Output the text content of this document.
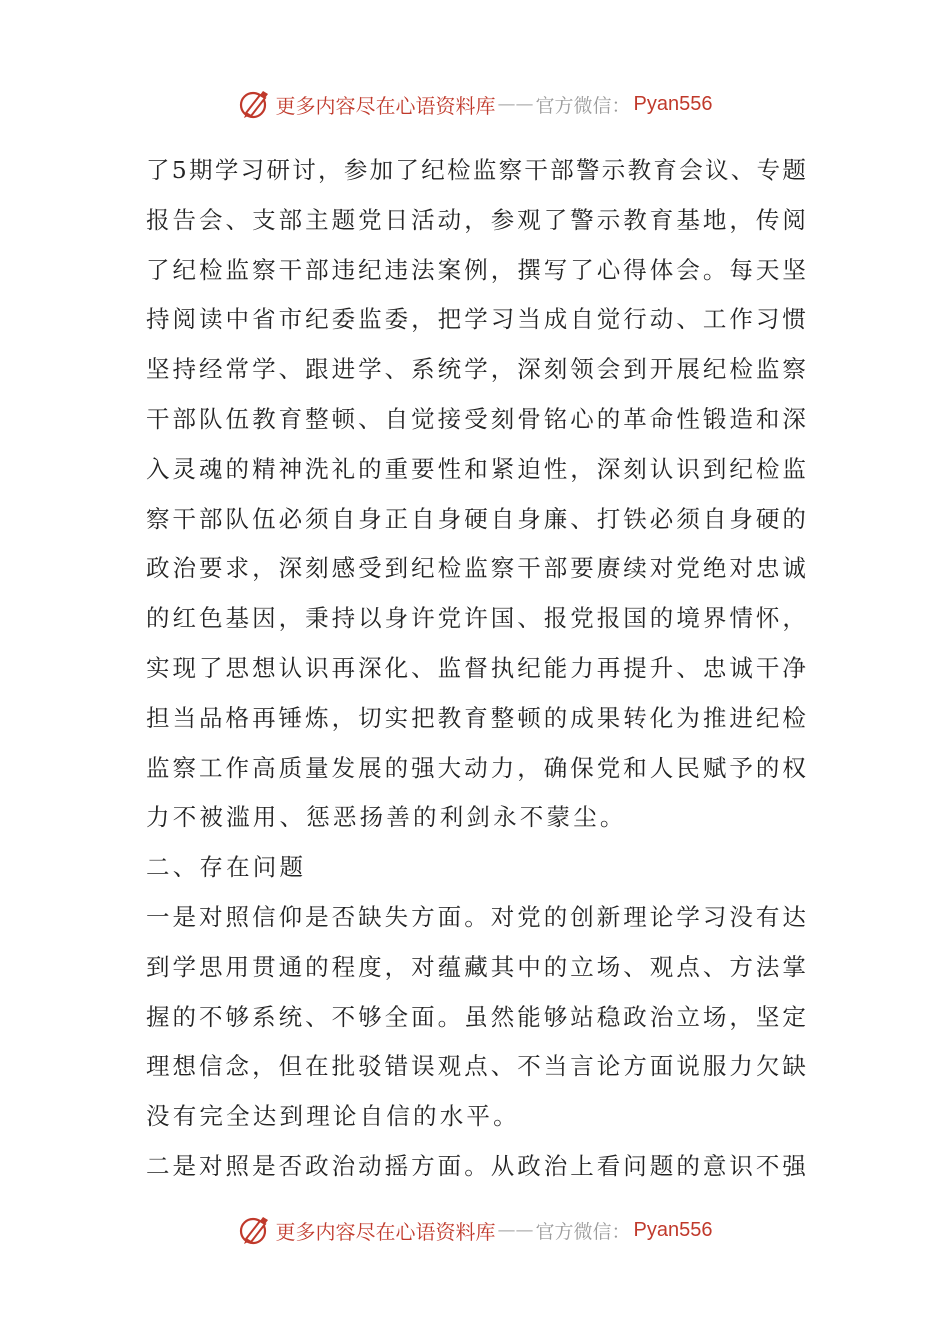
更多内容尽在心语资料库 —— 官方微信： Pyan556
了 5 期 学 习 研 讨 ， 参 加 了 纪 检 监 察 干 部 警 示 教 育 会 议 、 专 题
报 告 会 、 支 部 主 题 党 日 活 动 ， 参 观 了 警 示 教 育 基 地 ， 传 阅
了 纪 检 监 察 干 部 违 纪 违 法 案 例 ， 撰 写 了 心 得 体 会 。 每 天 坚
持 阅 读 中 省 市 纪 委 监 委 ， 把 学 习 当 成 自 觉 行 动 、 工 作 习 惯
坚 持 经 常 学 、 跟 进 学 、 系 统 学 ， 深 刻 领 会 到 开 展 纪 检 监 察
干 部 队 伍 教 育 整 顿 、 自 觉 接 受 刻 骨 铭 心 的 革 命 性 锻 造 和 深
入 灵 魂 的 精 神 洗 礼 的 重 要 性 和 紧 迫 性 ， 深 刻 认 识 到 纪 检 监
察 干 部 队 伍 必 须 自 身 正 自 身 硬 自 身 廉 、 打 铁 必 须 自 身 硬 的
政 治 要 求 ， 深 刻 感 受 到 纪 检 监 察 干 部 要 赓 续 对 党 绝 对 忠 诚
的 红 色 基 因 ， 秉 持 以 身 许 党 许 国 、 报 党 报 国 的 境 界 情 怀 ，
实 现 了 思 想 认 识 再 深 化 、 监 督 执 纪 能 力 再 提 升 、 忠 诚 干 净
担 当 品 格 再 锤 炼 ， 切 实 把 教 育 整 顿 的 成 果 转 化 为 推 进 纪 检
监 察 工 作 高 质 量 发 展 的 强 大 动 力 ， 确 保 党 和 人 民 赋 予 的 权
力不被滥用、惩恶扬善的利剑永不蒙尘。
二、存在问题
一 是 对 照 信 仰 是 否 缺 失 方 面 。 对 党 的 创 新 理 论 学 习 没 有 达
到 学 思 用 贯 通 的 程 度 ， 对 蕴 藏 其 中 的 立 场 、 观 点 、 方 法 掌
握 的 不 够 系 统 、 不 够 全 面 。 虽 然 能 够 站 稳 政 治 立 场 ， 坚 定
理 想 信 念 ， 但 在 批 驳 错 误 观 点 、 不 当 言 论 方 面 说 服 力 欠 缺
没有完全达到理论自信的水平。
二 是 对 照 是 否 政 治 动 摇 方 面 。 从 政 治 上 看 问 题 的 意 识 不 强
更多内容尽在心语资料库 —— 官方微信： Pyan556
